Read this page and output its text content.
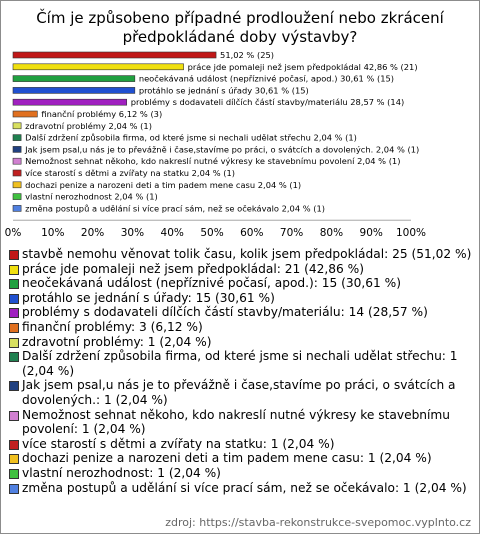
Čím je způsobeno případné prodloužení nebo zkrácení
předpokládané doby výstavby?
51,02 % (25)
práce jde pomaleji než jsem předpokládal 42,86 % (21)
neočekávaná událost (nepříznivé počasí, apod.) 30,61 % (15)
protáhlo se jednání s úřady 30,61 % (15)
problémy s dodavateli dílčích částí stavby/materiálu 28,57 % (14)
finanční problémy 6,12 % (3)
zdravotní problémy 2,04 % (1)
Další zdržení způsobila firma, od které jsme si nechali udělat střechu 2,04 % (1)
Jak jsem psal,u nás je to převážně i čase,stavíme po práci, o svátcích a dovolených. 2,04 % (1)
Nemožnost sehnat někoho, kdo nakreslí nutné výkresy ke stavebnímu povolení 2,04 % (1)
více starostí s dětmi a zvířaty na statku 2,04 % (1)
dochazi penize a narozeni deti a tim padem mene casu 2,04 % (1)
vlastní nerozhodnost 2,04 % (1)
změna postupů a udělání si více prací sám, než se očekávalo 2,04 % (1)
0% 10% 20% 30% 40% 50% 60% 70% 80% 90% 100%
stavbě nemohu věnovat tolik času, kolik jsem předpokládal: 25 (51,02 %)
práce jde pomaleji než jsem předpokládal: 21 (42,86 %)
neočekávaná událost (nepříznivé počasí, apod.): 15 (30,61 %)
protáhlo se jednání s úřady: 15 (30,61 %)
problémy s dodavateli dílčích částí stavby/materiálu: 14 (28,57 %)
finanční problémy: 3 (6,12 %)
zdravotní problémy: 1 (2,04 %)
Další zdržení způsobila firma, od které jsme si nechali udělat střechu: 1 (2,04 %)
Jak jsem psal,u nás je to převážně i čase,stavíme po práci, o svátcích a dovolených.: 1 (2,04 %)
Nemožnost sehnat někoho, kdo nakreslí nutné výkresy ke stavebnímu povolení: 1 (2,04 %)
více starostí s dětmi a zvířaty na statku: 1 (2,04 %)
dochazi penize a narozeni deti a tim padem mene casu: 1 (2,04 %)
vlastní nerozhodnost: 1 (2,04 %)
změna postupů a udělání si více prací sám, než se očekávalo: 1 (2,04 %)
zdroj: https://stavba-rekonstrukce-svepomoc.vyplnto.cz
